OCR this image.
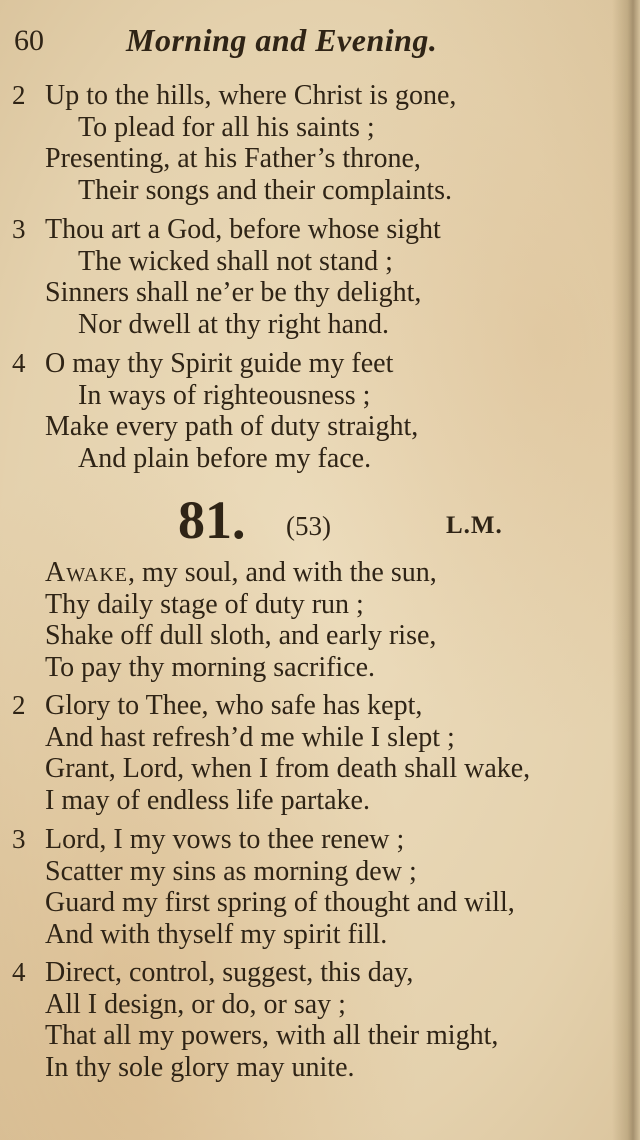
60	Morning and Evening.
2 Up to the hills, where Christ is gone,
To plead for all his saints ;
Presenting, at his Father’s throne,
Their songs and their complaints.
3 Thou art a God, before whose sight
The wicked shall not stand ;
Sinners shall ne’er be thy delight,
Nor dwell at thy right hand.
4 O may thy Spirit guide my feet
In ways of righteousness ;
Make every path of duty straight,
And plain before my face.
81. (53)	L.M.
Awake, my soul, and with the sun,
Thy daily stage of duty run ;
Shake off dull sloth, and early rise,
To pay thy morning sacrifice.
2 Glory to Thee, who safe has kept,
And hast refresh’d me while I slept ;
Grant, Lord, when I from death shall wake,
I may of endless life partake.
3 Lord, I my vows to thee renew ;
Scatter my sins as morning dew ;
Guard my first spring of thought and will,
And with thyself my spirit fill.
4 Direct, control, suggest, this day,
All I design, or do, or say ;
That all my powers, with all their might,
In thy sole glory may unite.
